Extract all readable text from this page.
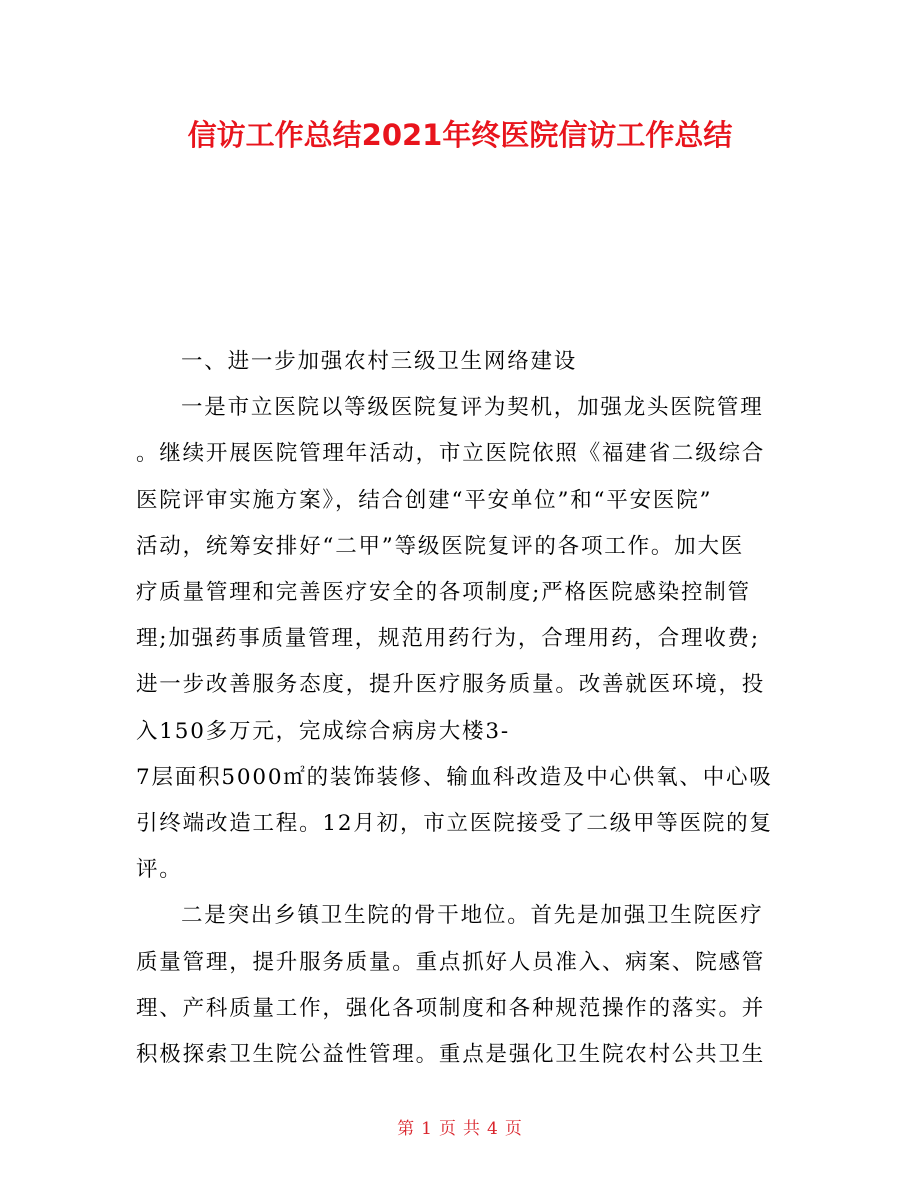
信访工作总结2021年终医院信访工作总结
一、进一步加强农村三级卫生网络建设
一是市立医院以等级医院复评为契机，加强龙头医院管理
。继续开展医院管理年活动，市立医院依照《福建省二级综合
医院评审实施方案》，结合创建“平安单位”和“平安医院”
活动，统筹安排好“二甲”等级医院复评的各项工作。加大医
疗质量管理和完善医疗安全的各项制度;严格医院感染控制管
理;加强药事质量管理，规范用药行为，合理用药，合理收费;
进一步改善服务态度，提升医疗服务质量。改善就医环境，投
入150多万元，完成综合病房大楼3-
7层面积5000㎡的装饰装修、输血科改造及中心供氧、中心吸
引终端改造工程。12月初，市立医院接受了二级甲等医院的复
评。
二是突出乡镇卫生院的骨干地位。首先是加强卫生院医疗
质量管理，提升服务质量。重点抓好人员准入、病案、院感管
理、产科质量工作，强化各项制度和各种规范操作的落实。并
积极探索卫生院公益性管理。重点是强化卫生院农村公共卫生
第 1 页 共 4 页
